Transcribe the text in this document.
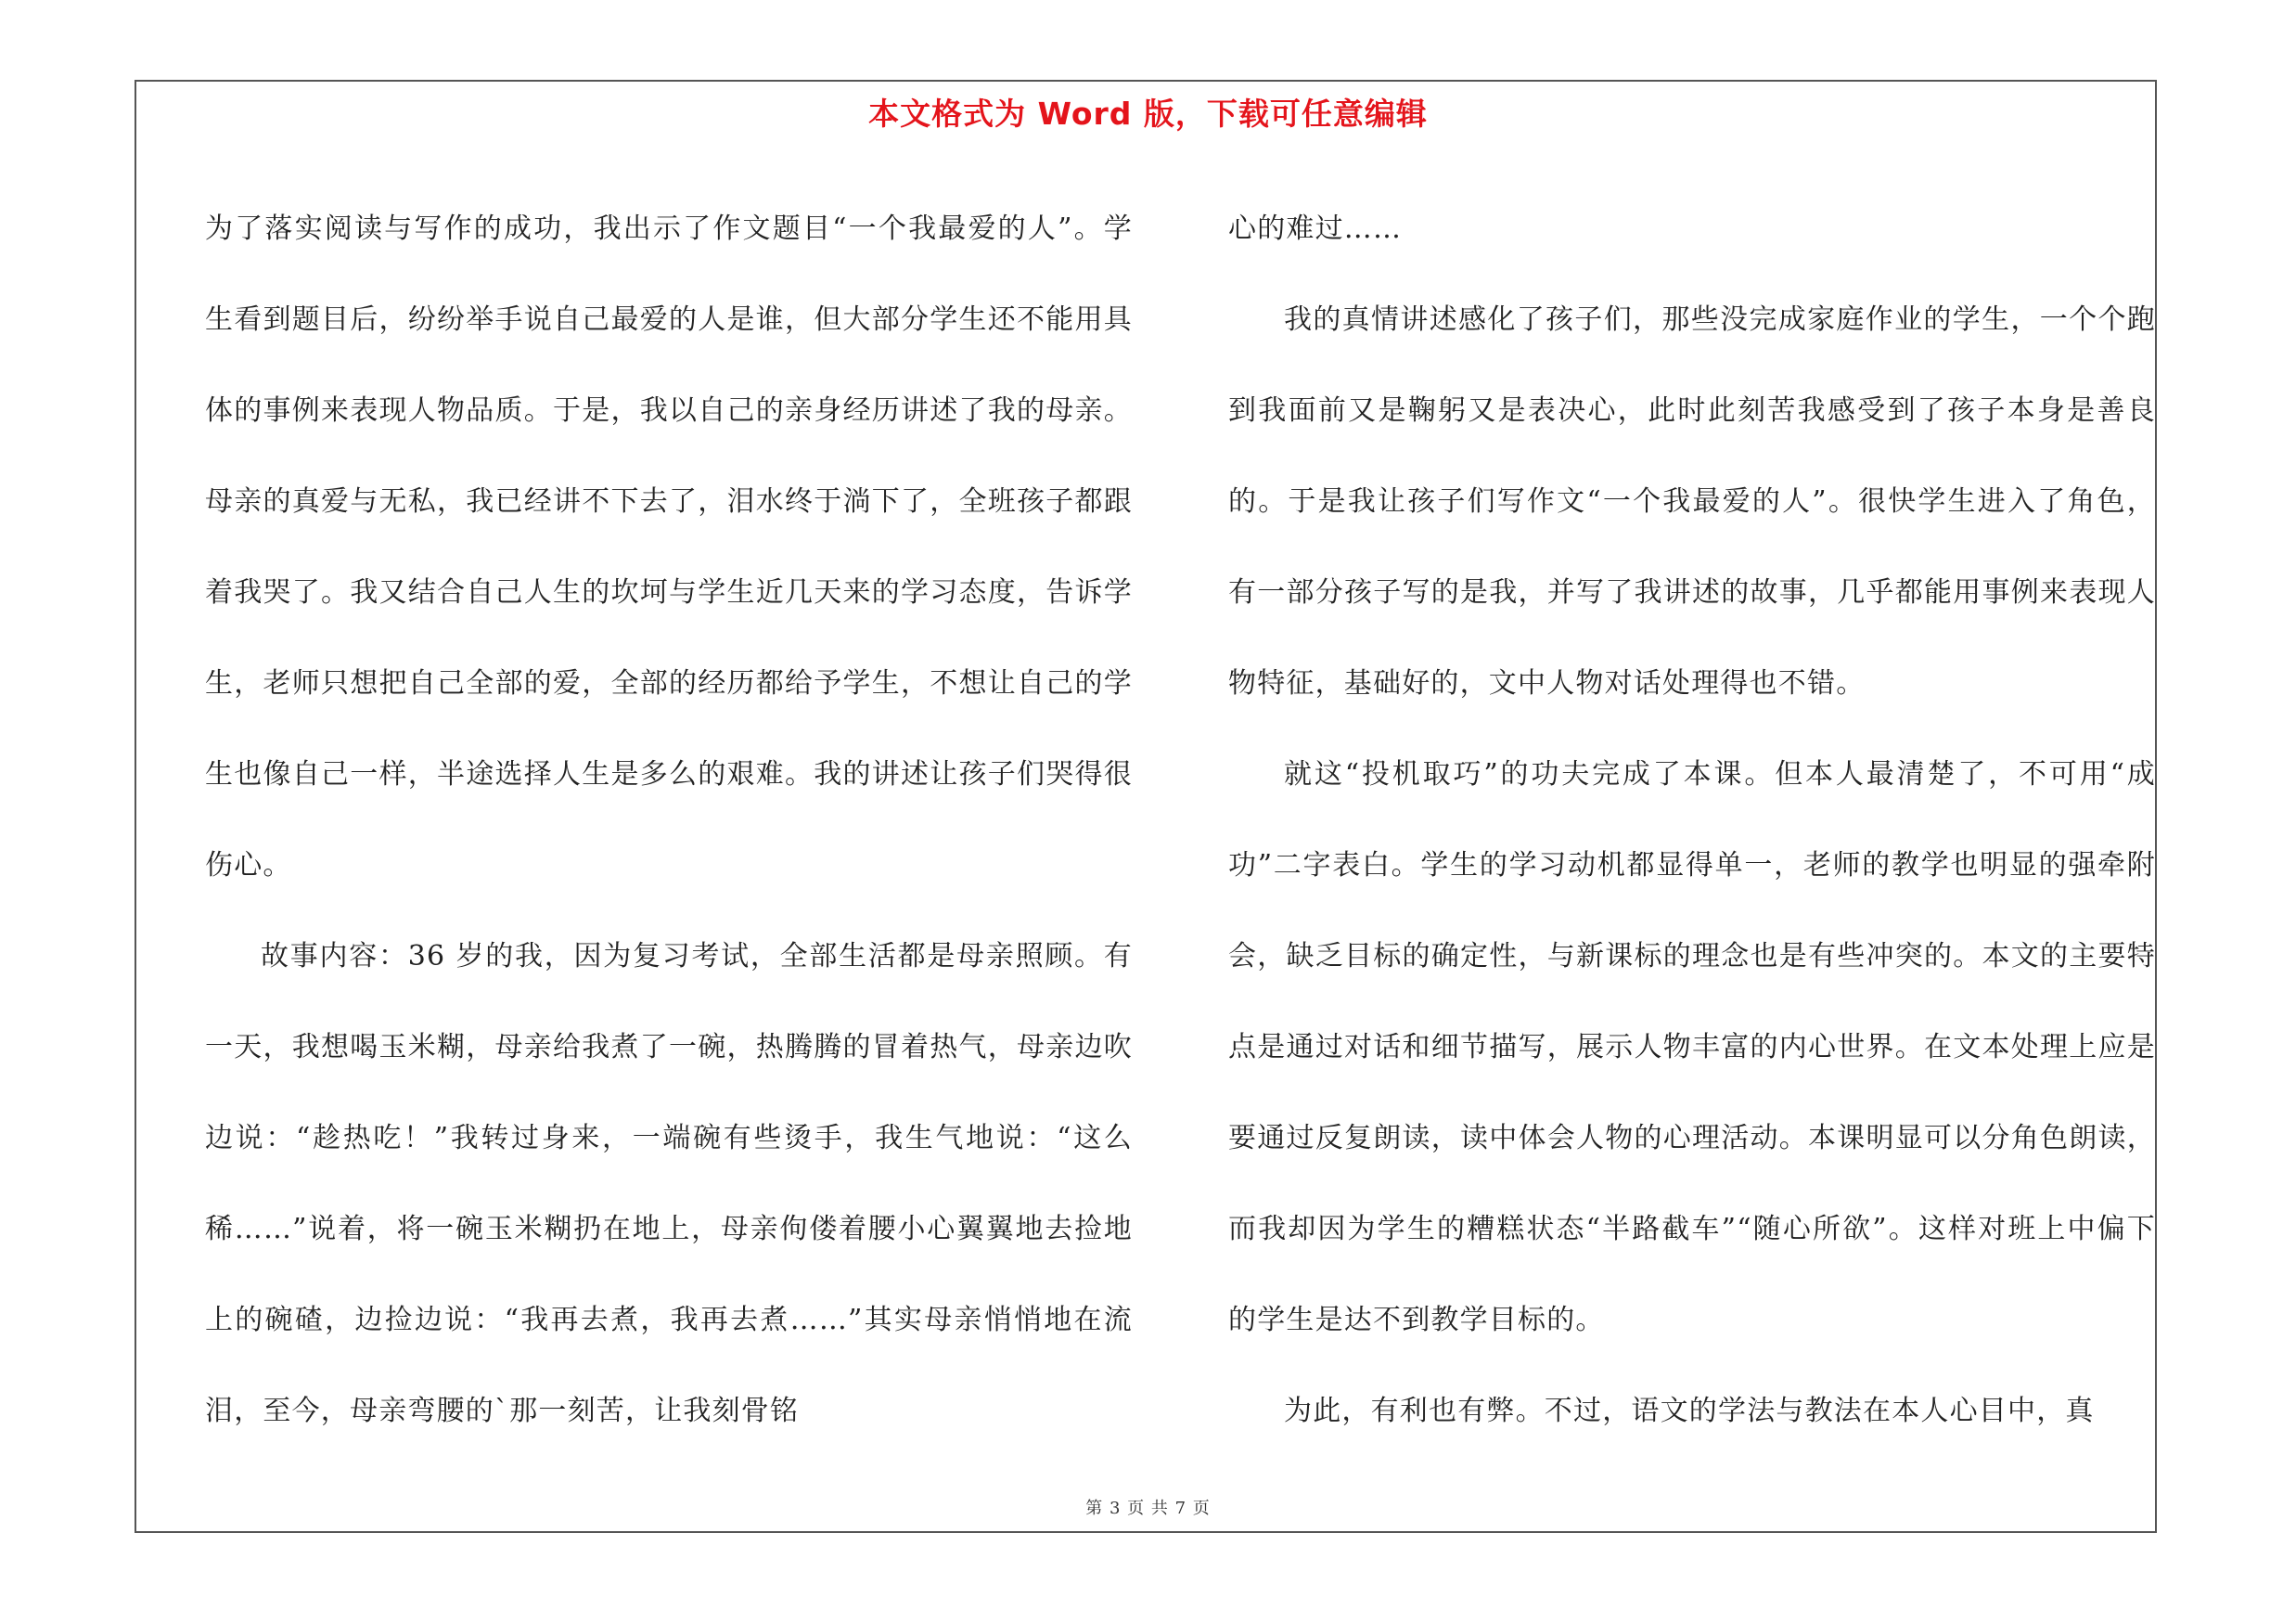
本文格式为 Word 版，下载可任意编辑

为了落实阅读与写作的成功，我出示了作文题目“一个我最爱的人”。学生看到题目后，纷纷举手说自己最爱的人是谁，但大部分学生还不能用具体的事例来表现人物品质。于是，我以自己的亲身经历讲述了我的母亲。母亲的真爱与无私，我已经讲不下去了，泪水终于淌下了，全班孩子都跟着我哭了。我又结合自己人生的坎坷与学生近几天来的学习态度，告诉学生，老师只想把自己全部的爱，全部的经历都给予学生，不想让自己的学生也像自己一样，半途选择人生是多么的艰难。我的讲述让孩子们哭得很伤心。

故事内容：36 岁的我，因为复习考试，全部生活都是母亲照顾。有一天，我想喝玉米糊，母亲给我煮了一碗，热腾腾的冒着热气，母亲边吹边说：“趁热吃！”我转过身来，一端碗有些烫手，我生气地说：“这么稀……”说着，将一碗玉米糊扔在地上，母亲佝偻着腰小心翼翼地去捡地上的碗碴，边捡边说：“我再去煮，我再去煮……”其实母亲悄悄地在流泪，至今，母亲弯腰的`那一刻苦，让我刻骨铭

心的难过……

我的真情讲述感化了孩子们，那些没完成家庭作业的学生，一个个跑到我面前又是鞠躬又是表决心，此时此刻苦我感受到了孩子本身是善良的。于是我让孩子们写作文“一个我最爱的人”。很快学生进入了角色，有一部分孩子写的是我，并写了我讲述的故事，几乎都能用事例来表现人物特征，基础好的，文中人物对话处理得也不错。

就这“投机取巧”的功夫完成了本课。但本人最清楚了，不可用“成功”二字表白。学生的学习动机都显得单一，老师的教学也明显的强牵附会，缺乏目标的确定性，与新课标的理念也是有些冲突的。本文的主要特点是通过对话和细节描写，展示人物丰富的内心世界。在文本处理上应是要通过反复朗读，读中体会人物的心理活动。本课明显可以分角色朗读，而我却因为学生的糟糕状态“半路截车”“随心所欲”。这样对班上中偏下的学生是达不到教学目标的。

为此，有利也有弊。不过，语文的学法与教法在本人心目中，真

第 3 页 共 7 页
